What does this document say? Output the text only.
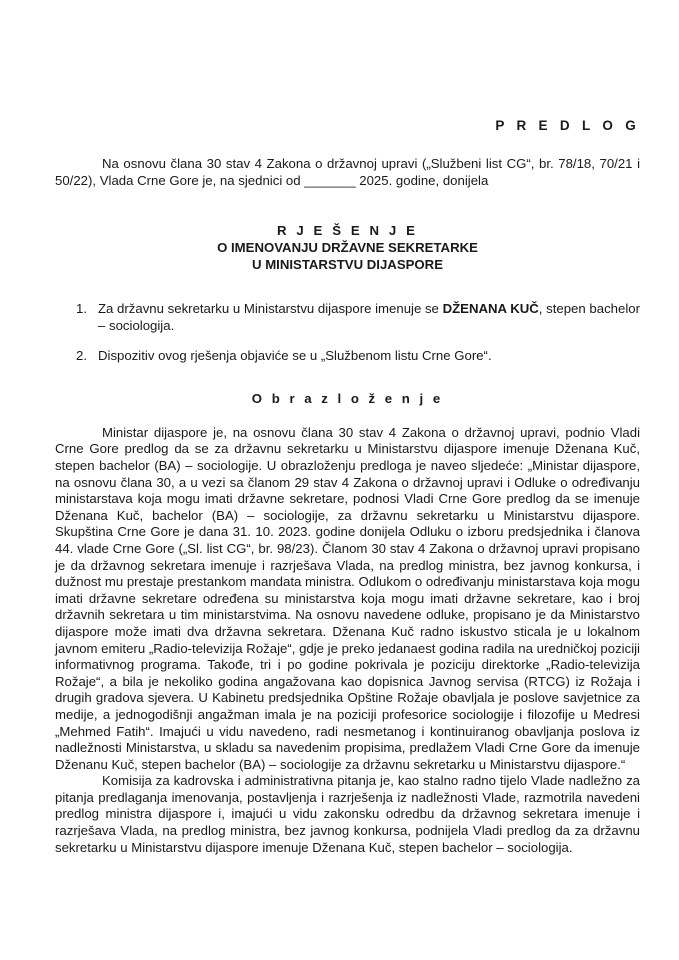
P R E D L O G

Na osnovu člana 30 stav 4 Zakona o državnoj upravi („Službeni list CG“, br. 78/18, 70/21 i 50/22), Vlada Crne Gore je, na sjednici od _______ 2025. godine, donijela

R J E Š E N J E
O IMENOVANJU DRŽAVNE SEKRETARKE
U MINISTARSTVU DIJASPORE
1. Za državnu sekretarku u Ministarstvu dijaspore imenuje se DŽENANA KUČ, stepen bachelor – sociologija.
2. Dispozitiv ovog rješenja objaviće se u „Službenom listu Crne Gore“.
O b r a z l o ž e n j e

Ministar dijaspore je, na osnovu člana 30 stav 4 Zakona o državnoj upravi, podnio Vladi Crne Gore predlog da se za državnu sekretarku u Ministarstvu dijaspore imenuje Dženana Kuč, stepen bachelor (BA) – sociologije. U obrazloženju predloga je naveo sljedeće: „Ministar dijaspore, na osnovu člana 30, a u vezi sa članom 29 stav 4 Zakona o državnoj upravi i Odluke o određivanju ministarstava koja mogu imati državne sekretare, podnosi Vladi Crne Gore predlog da se imenuje Dženana Kuč, bachelor (BA) – sociologije, za državnu sekretarku u Ministarstvu dijaspore. Skupština Crne Gore je dana 31. 10. 2023. godine donijela Odluku o izboru predsjednika i članova 44. vlade Crne Gore („Sl. list CG“, br. 98/23). Članom 30 stav 4 Zakona o državnoj upravi propisano je da državnog sekretara imenuje i razrješava Vlada, na predlog ministra, bez javnog konkursa, i dužnost mu prestaje prestankom mandata ministra. Odlukom o određivanju ministarstava koja mogu imati državne sekretare određena su ministarstva koja mogu imati državne sekretare, kao i broj državnih sekretara u tim ministarstvima. Na osnovu navedene odluke, propisano je da Ministarstvo dijaspore može imati dva državna sekretara. Dženana Kuč radno iskustvo sticala je u lokalnom javnom emiteru „Radio-televizija Rožaje“, gdje je preko jedanaest godina radila na uredničkoj poziciji informativnog programa. Takođe, tri i po godine pokrivala je poziciju direktorke „Radio-televizija Rožaje“, a bila je nekoliko godina angažovana kao dopisnica Javnog servisa (RTCG) iz Rožaja i drugih gradova sjevera. U Kabinetu predsjednika Opštine Rožaje obavljala je poslove savjetnice za medije, a jednogodišnji angažman imala je na poziciji profesorice sociologije i filozofije u Medresi „Mehmed Fatih“. Imajući u vidu navedeno, radi nesmetanog i kontinuiranog obavljanja poslova iz nadležnosti Ministarstva, u skladu sa navedenim propisima, predlažem Vladi Crne Gore da imenuje Dženanu Kuč, stepen bachelor (BA) – sociologije za državnu sekretarku u Ministarstvu dijaspore.“

Komisija za kadrovska i administrativna pitanja je, kao stalno radno tijelo Vlade nadležno za pitanja predlaganja imenovanja, postavljenja i razrješenja iz nadležnosti Vlade, razmotrila navedeni predlog ministra dijaspore i, imajući u vidu zakonsku odredbu da državnog sekretara imenuje i razrješava Vlada, na predlog ministra, bez javnog konkursa, podnijela Vladi predlog da za državnu sekretarku u Ministarstvu dijaspore imenuje Dženana Kuč, stepen bachelor – sociologija.
